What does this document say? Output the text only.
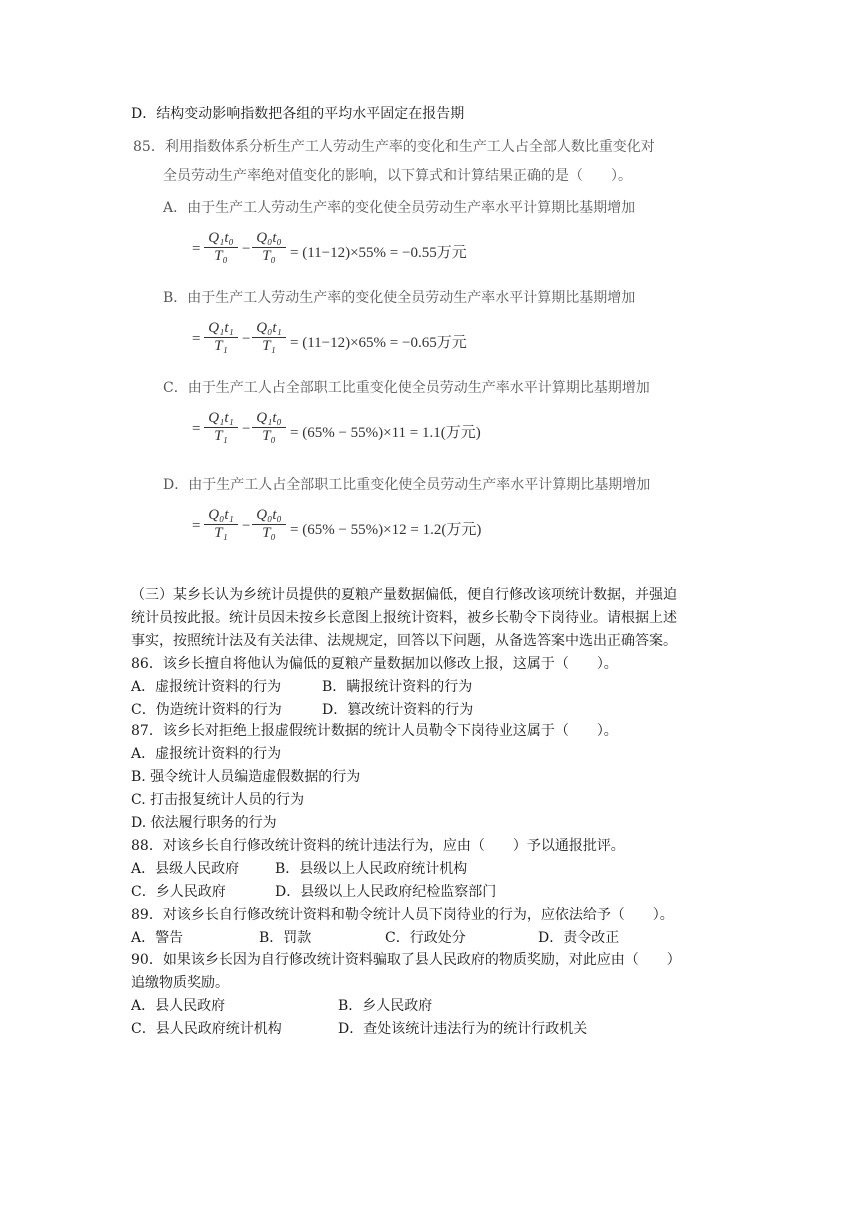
D．结构变动影响指数把各组的平均水平固定在报告期
85．利用指数体系分析生产工人劳动生产率的变化和生产工人占全部人数比重变化对
全员劳动生产率绝对值变化的影响，以下算式和计算结果正确的是（　　）。
A．由于生产工人劳动生产率的变化使全员劳动生产率水平计算期比基期增加
= $\frac{\text{Q₁t₀}}{\text{T₀}} - \frac{\text{Q₀t₀}}{\text{T₀}} = (11-12)\times 55\% = -0.55$万元
B．由于生产工人劳动生产率的变化使全员劳动生产率水平计算期比基期增加
= $\frac{\text{Q₁t₁}}{\text{T₁}} - \frac{\text{Q₀t₁}}{\text{T₁}} = (11-12)\times 65\% = -0.65$万元
C．由于生产工人占全部职工比重变化使全员劳动生产率水平计算期比基期增加
= $\frac{\text{Q₁t₁}}{\text{T₁}} - \frac{\text{Q₁t₀}}{\text{T₀}} = (65\% - 55\%)\times 11 = 1.1$(万元)
D．由于生产工人占全部职工比重变化使全员劳动生产率水平计算期比基期增加
= $\frac{\text{Q₀t₁}}{\text{T₁}} - \frac{\text{Q₀t₀}}{\text{T₀}} = (65\% - 55\%)\times 12 = 1.2$(万元)
（三）某乡长认为乡统计员提供的夏粮产量数据偏低，便自行修改该项统计数据，并强迫
统计员按此报。统计员因未按乡长意图上报统计资料，被乡长勒令下岗待业。请根据上述
事实，按照统计法及有关法律、法规规定，回答以下问题，从备选答案中选出正确答案。
86．该乡长擅自将他认为偏低的夏粮产量数据加以修改上报，这属于（　　）。
A．虚报统计资料的行为	B．瞒报统计资料的行为
C．伪造统计资料的行为	D．篡改统计资料的行为
87．该乡长对拒绝上报虚假统计数据的统计人员勒令下岗待业这属于（　　）。
A．虚报统计资料的行为
B. 强令统计人员编造虚假数据的行为
C. 打击报复统计人员的行为
D. 依法履行职务的行为
88．对该乡长自行修改统计资料的统计违法行为，应由（　　）予以通报批评。
A．县级人民政府	B．县级以上人民政府统计机构
C．乡人民政府	D．县级以上人民政府纪检监察部门
89．对该乡长自行修改统计资料和勒令统计人员下岗待业的行为，应依法给予（　　）。
A．警告	B．罚款	C．行政处分	D．责令改正
90．如果该乡长因为自行修改统计资料骗取了县人民政府的物质奖励，对此应由（　　）
追缴物质奖励。
A．县人民政府	B．乡人民政府
C．县人民政府统计机构	D．查处该统计违法行为的统计行政机关
